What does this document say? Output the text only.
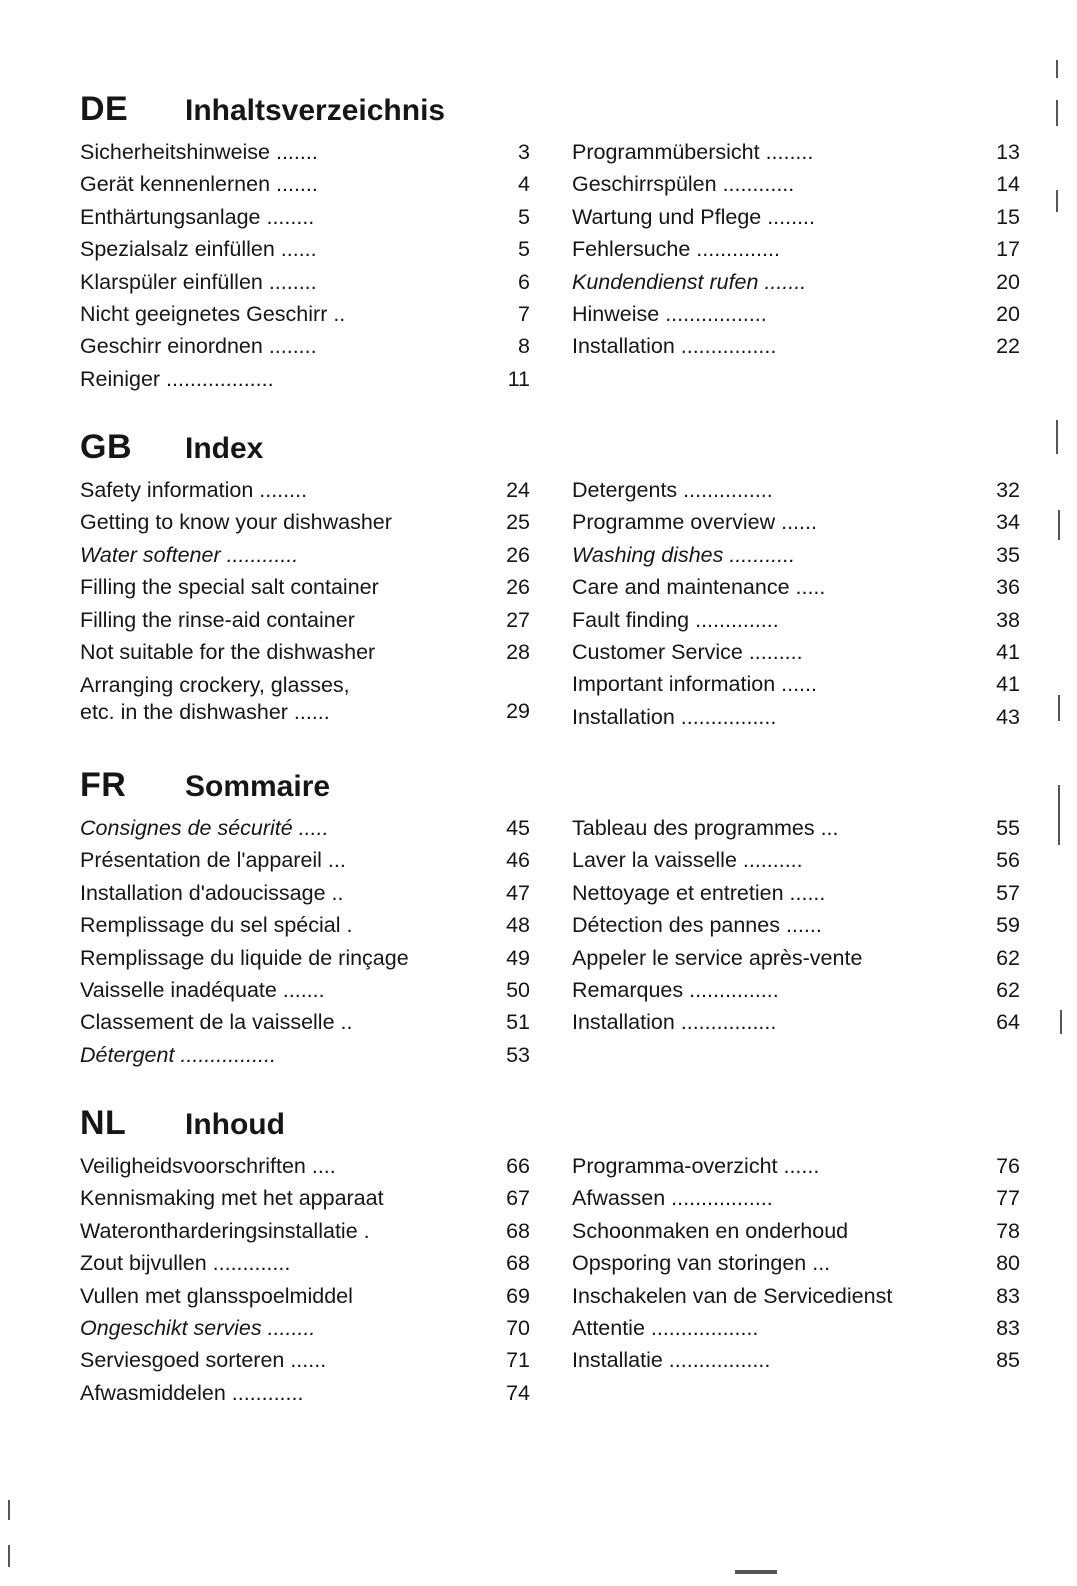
DE Inhaltsverzeichnis
Sicherheitshinweise .......	3
Gerät kennenlernen .......	4
Enthärtungsanlage ........	5
Spezialsalz einfüllen ......	5
Klarspüler einfüllen ........	6
Nicht geeignetes Geschirr ..	7
Geschirr einordnen ........	8
Reiniger ..................	11
Programmübersicht ........	13
Geschirrspülen ............	14
Wartung und Pflege ........	15
Fehlersuche ..............	17
Kundendienst rufen .......	20
Hinweise .................	20
Installation ................	22
GB Index
Safety information ........	24
Getting to know your dishwasher	25
Water softener ............	26
Filling the special salt container	26
Filling the rinse-aid container	27
Not suitable for the dishwasher	28
Arranging crockery, glasses,
etc. in the dishwasher ......	29
Detergents ...............	32
Programme overview ......	34
Washing dishes ...........	35
Care and maintenance .....	36
Fault finding ..............	38
Customer Service .........	41
Important information ......	41
Installation ................	43
FR Sommaire
Consignes de sécurité .....	45
Présentation de l'appareil ...	46
Installation d'adoucissage ..	47
Remplissage du sel spécial .	48
Remplissage du liquide de rinçage	49
Vaisselle inadéquate .......	50
Classement de la vaisselle ..	51
Détergent ................	53
Tableau des programmes ...	55
Laver la vaisselle ..........	56
Nettoyage et entretien ......	57
Détection des pannes ......	59
Appeler le service après-vente	62
Remarques ...............	62
Installation ................	64
NL Inhoud
Veiligheidsvoorschriften ....	66
Kennismaking met het apparaat	67
Waterontharderingsinstallatie .	68
Zout bijvullen .............	68
Vullen met glansspoelmiddel	69
Ongeschikt servies ........	70
Serviesgoed sorteren ......	71
Afwasmiddelen ............	74
Programma-overzicht ......	76
Afwassen .................	77
Schoonmaken en onderhoud	78
Opsporing van storingen ...	80
Inschakelen van de Servicedienst	83
Attentie ..................	83
Installatie .................	85
